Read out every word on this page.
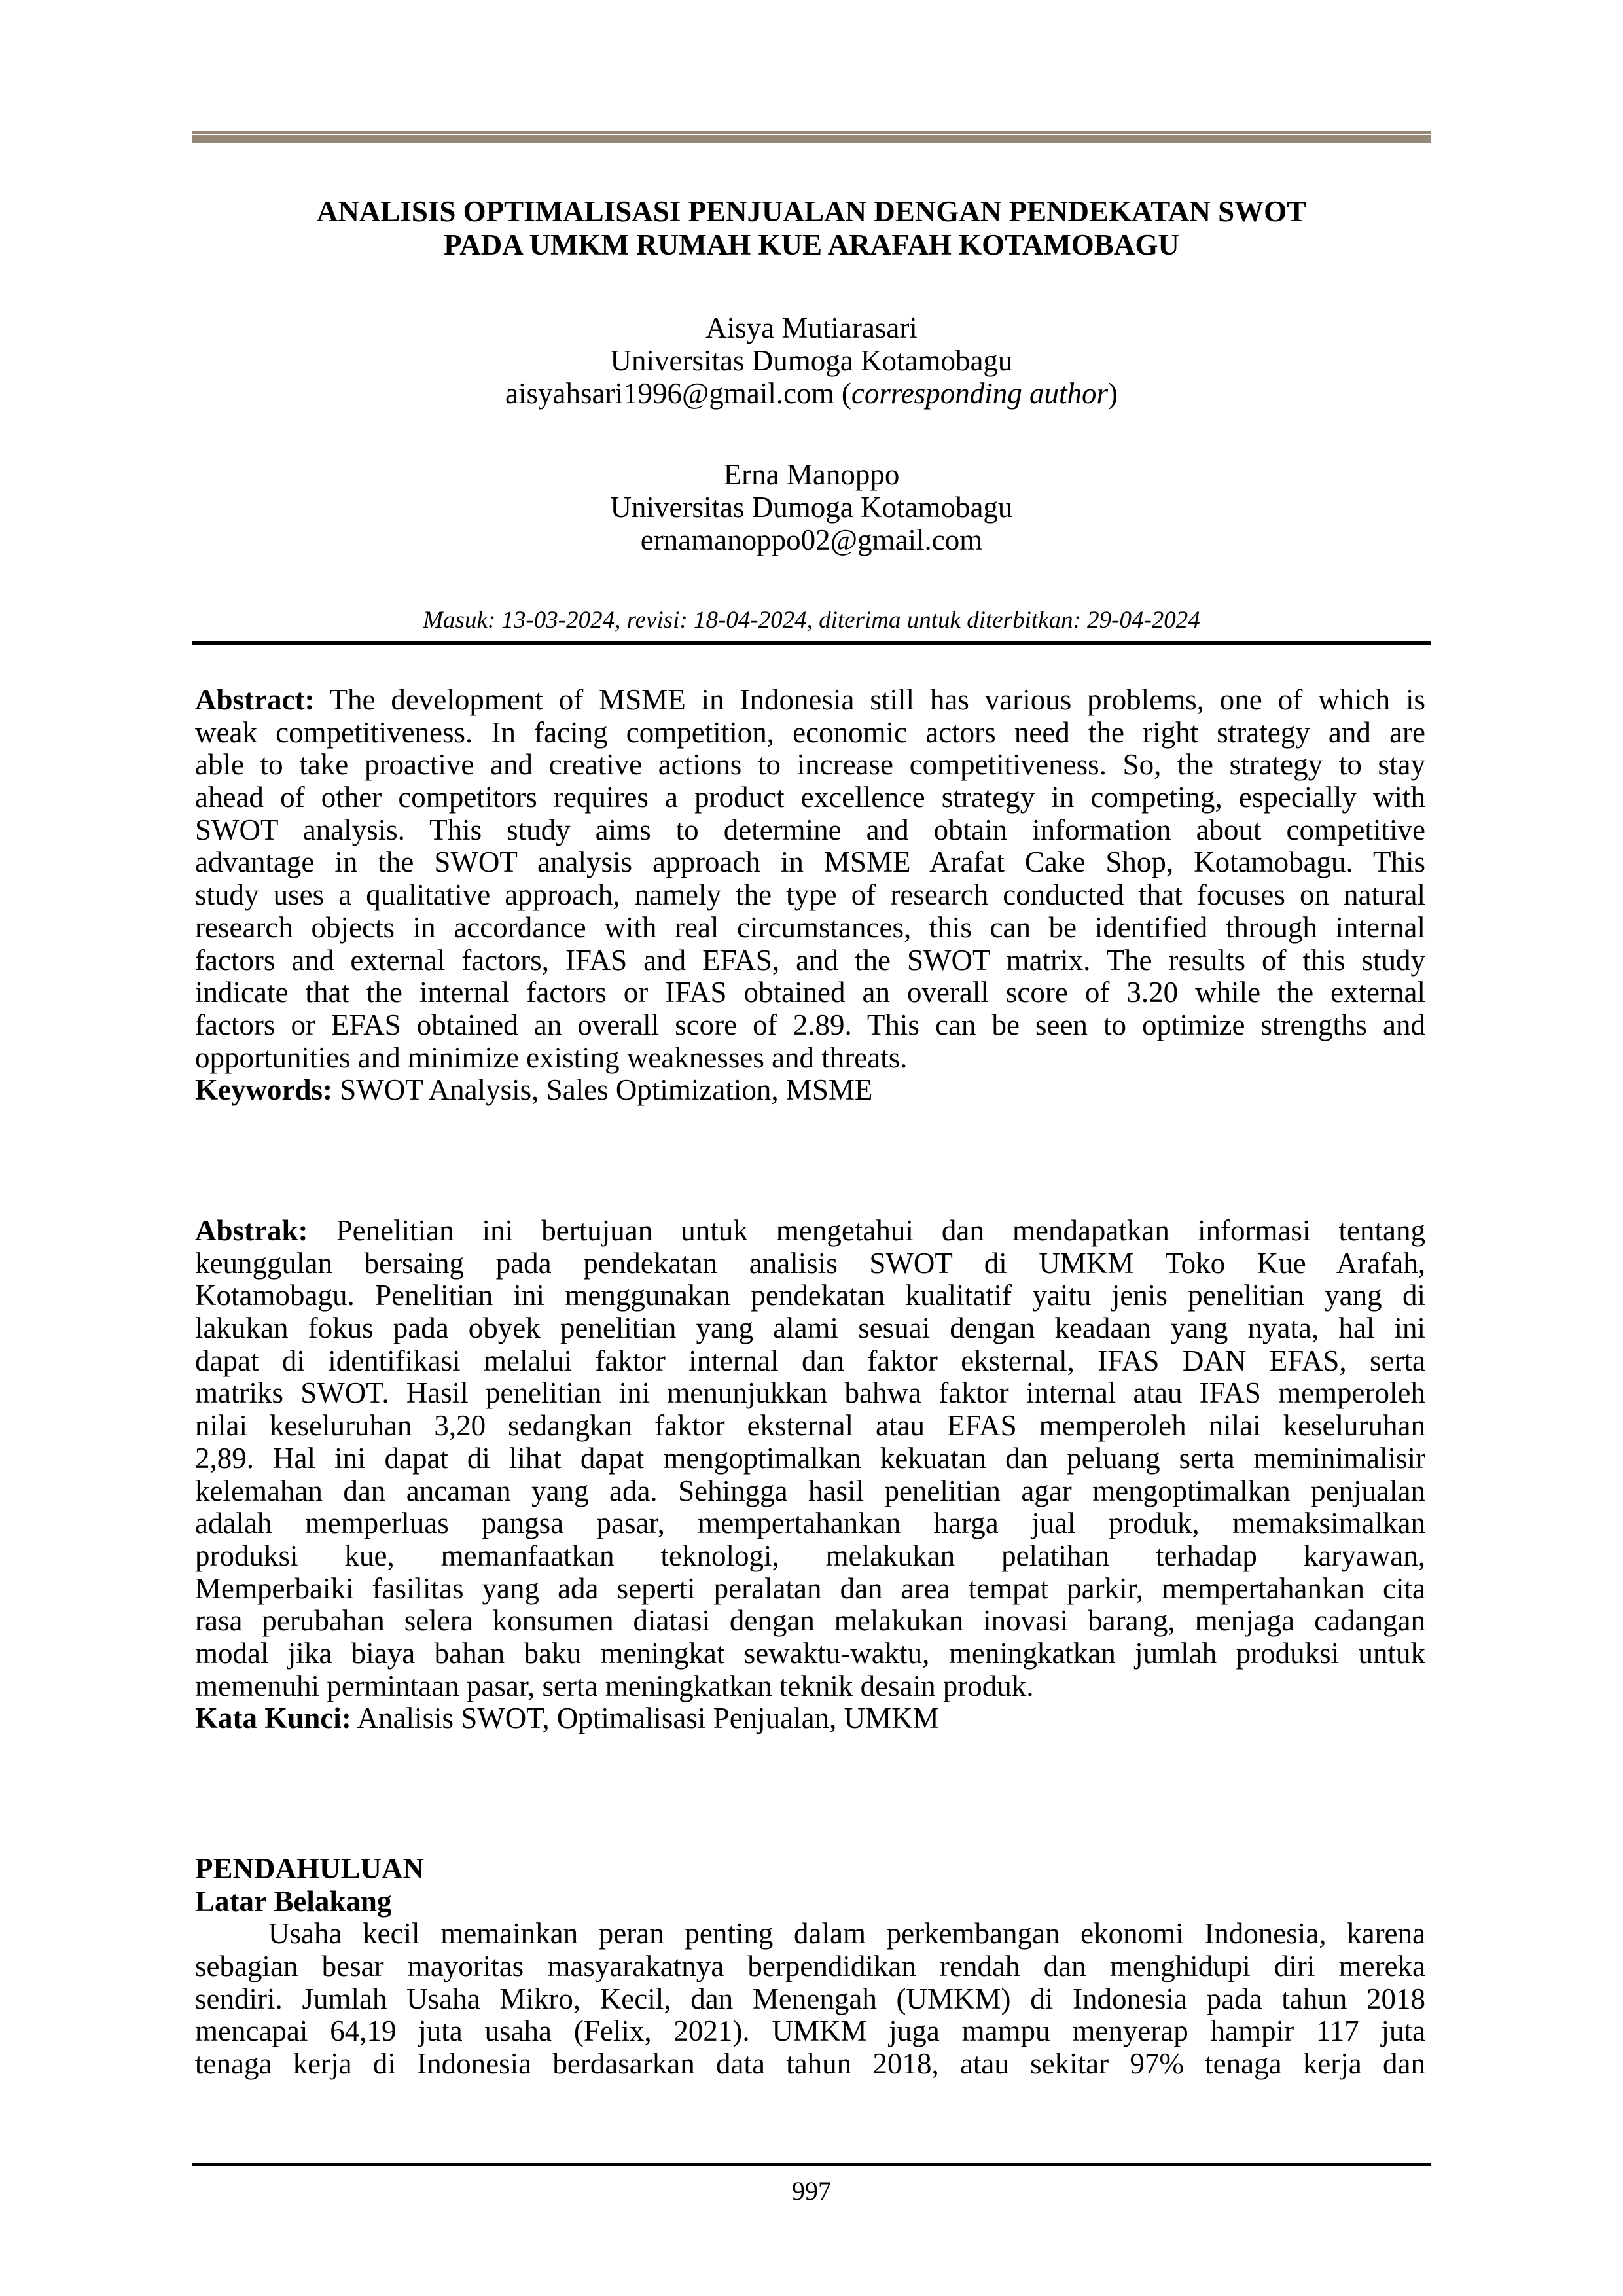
ANALISIS OPTIMALISASI PENJUALAN DENGAN PENDEKATAN SWOT
PADA UMKM RUMAH KUE ARAFAH KOTAMOBAGU
Aisya Mutiarasari
Universitas Dumoga Kotamobagu
aisyahsari1996@gmail.com (corresponding author)
Erna Manoppo
Universitas Dumoga Kotamobagu
ernamanoppo02@gmail.com
Masuk: 13-03-2024, revisi: 18-04-2024, diterima untuk diterbitkan: 29-04-2024
Abstract: The development of MSME in Indonesia still has various problems, one of which is
weak competitiveness. In facing competition, economic actors need the right strategy and are
able to take proactive and creative actions to increase competitiveness. So, the strategy to stay
ahead of other competitors requires a product excellence strategy in competing, especially with
SWOT analysis. This study aims to determine and obtain information about competitive
advantage in the SWOT analysis approach in MSME Arafat Cake Shop, Kotamobagu. This
study uses a qualitative approach, namely the type of research conducted that focuses on natural
research objects in accordance with real circumstances, this can be identified through internal
factors and external factors, IFAS and EFAS, and the SWOT matrix. The results of this study
indicate that the internal factors or IFAS obtained an overall score of 3.20 while the external
factors or EFAS obtained an overall score of 2.89. This can be seen to optimize strengths and
opportunities and minimize existing weaknesses and threats.
Keywords: SWOT Analysis, Sales Optimization, MSME
Abstrak: Penelitian ini bertujuan untuk mengetahui dan mendapatkan informasi tentang
keunggulan bersaing pada pendekatan analisis SWOT di UMKM Toko Kue Arafah,
Kotamobagu. Penelitian ini menggunakan pendekatan kualitatif yaitu jenis penelitian yang di
lakukan fokus pada obyek penelitian yang alami sesuai dengan keadaan yang nyata, hal ini
dapat di identifikasi melalui faktor internal dan faktor eksternal, IFAS DAN EFAS, serta
matriks SWOT. Hasil penelitian ini menunjukkan bahwa faktor internal atau IFAS memperoleh
nilai keseluruhan 3,20 sedangkan faktor eksternal atau EFAS memperoleh nilai keseluruhan
2,89. Hal ini dapat di lihat dapat mengoptimalkan kekuatan dan peluang serta meminimalisir
kelemahan dan ancaman yang ada. Sehingga hasil penelitian agar mengoptimalkan penjualan
adalah memperluas pangsa pasar, mempertahankan harga jual produk, memaksimalkan
produksi kue, memanfaatkan teknologi, melakukan pelatihan terhadap karyawan,
Memperbaiki fasilitas yang ada seperti peralatan dan area tempat parkir, mempertahankan cita
rasa perubahan selera konsumen diatasi dengan melakukan inovasi barang, menjaga cadangan
modal jika biaya bahan baku meningkat sewaktu-waktu, meningkatkan jumlah produksi untuk
memenuhi permintaan pasar, serta meningkatkan teknik desain produk.
Kata Kunci: Analisis SWOT, Optimalisasi Penjualan, UMKM
PENDAHULUAN
Latar Belakang
Usaha kecil memainkan peran penting dalam perkembangan ekonomi Indonesia, karena
sebagian besar mayoritas masyarakatnya berpendidikan rendah dan menghidupi diri mereka
sendiri. Jumlah Usaha Mikro, Kecil, dan Menengah (UMKM) di Indonesia pada tahun 2018
mencapai 64,19 juta usaha (Felix, 2021). UMKM juga mampu menyerap hampir 117 juta
tenaga kerja di Indonesia berdasarkan data tahun 2018, atau sekitar 97% tenaga kerja dan
997
